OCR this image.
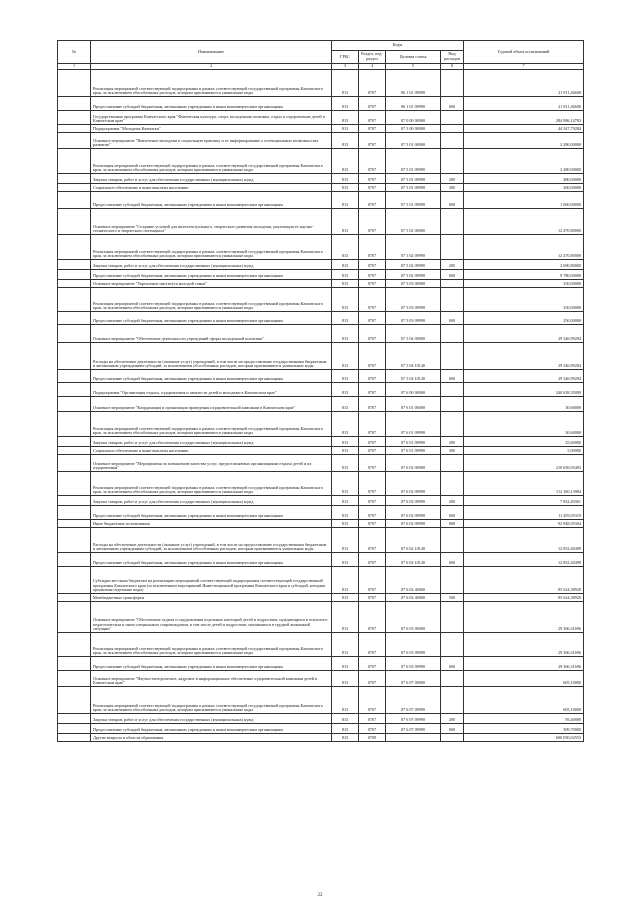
№	Наименование	Коды				Годовой объем ассигнований
		ГРБС	Раздел, под-раздел	Целевая статья	Вид расходов	
1	2	3	4	5	6	7
	Реализация мероприятий соответствующей подпрограммы в рамках соответствующей государственной программы Камчатского края, за исключением обособленных расходов, которым присваиваются уникальные коды	813	0707	06 1 01 09990		21 811,46600
	Предоставление субсидий бюджетным, автономным учреждениям и иным некоммерческим организациям	813	0707	06 1 01 09990	600	21 811,46600
	Государственная программа Камчатского края "Физическая культура, спорт, молодежная политика, отдых и оздоровление детей в Камчатском крае"	813	0707	07 0 00 00000		284 986,14783
	Подпрограмма "Молодежь Камчатки"	813	0707	07 5 00 00000		44 347,79284
	Основное мероприятие "Вовлечение молодежи в социальную практику и ее информирование о потенциальных возможностях развития"	813	0707	07 5 01 00000		2 280,00000
	Реализация мероприятий соответствующей подпрограммы в рамках соответствующей государственной программы Камчатского края, за исключением обособленных расходов, которым присваиваются уникальные коды	813	0707	07 5 01 09990		2 280,00000
	Закупка товаров, работ и услуг для обеспечения государственных (муниципальных) нужд	813	0707	07 5 01 09990	200	480,00000
	Социальное обеспечение и иные выплаты населению	813	0707	07 5 01 09990	300	200,00000
	Предоставление субсидий бюджетным, автономным учреждениям и иным некоммерческим организациям	813	0707	07 5 01 09990	600	1 600,00000
	Основное мероприятие "Создание условий для интеллектуального, творческого развития молодежи, реализации ее научно-технического и творческого потенциала"	813	0707	07 5 02 00000		12 470,80000
	Реализация мероприятий соответствующей подпрограммы в рамках соответствующей государственной программы Камчатского края, за исключением обособленных расходов, которым присваиваются уникальные коды	813	0707	07 5 02 09990		12 470,80000
	Закупка товаров, работ и услуг для обеспечения государственных (муниципальных) нужд	813	0707	07 5 02 09990	200	2 690,80000
	Предоставление субсидий бюджетным, автономным учреждениям и иным некоммерческим организациям	813	0707	07 5 02 09990	600	9 780,00000
	Основное мероприятие "Укрепление института молодой семьи"	813	0707	07 5 03 00000		250,00000
	Реализация мероприятий соответствующей подпрограммы в рамках соответствующей государственной программы Камчатского края, за исключением обособленных расходов, которым присваиваются уникальные коды	813	0707	07 5 03 09990		250,00000
	Предоставление субсидий бюджетным, автономным учреждениям и иным некоммерческим организациям	813	0707	07 5 03 09990	600	250,00000
	Основное мероприятие "Обеспечение деятельности учреждений сферы молодежной политики"	813	0707	07 5 04 00000		29 346,99284
	Расходы на обеспечение деятельности (оказание услуг) учреждений, в том числе на предоставление государственным бюджетным и автономным учреждениям субсидий, за исключением обособленных расходов, которым присваиваются уникальные коды	813	0707	07 5 04 10140		29 346,99284
	Предоставление субсидий бюджетным, автономным учреждениям и иным некоммерческим организациям	813	0707	07 5 04 10140	600	29 346,99284
	Подпрограмма "Организация отдыха, оздоровления и занятости детей и молодежи в Камчатском крае"	813	0707	07 6 00 00000		240 638,35099
	Основное мероприятие "Координация и организация проведения оздоровительной кампании в Камчатском крае"	813	0707	07 6 01 00000		30,60000
	Реализация мероприятий соответствующей подпрограммы в рамках соответствующей государственной программы Камчатского края, за исключением обособленных расходов, которым присваиваются уникальные коды	813	0707	07 6 01 09990		30,60000
	Закупка товаров, работ и услуг для обеспечения государственных (муниципальных) нужд	813	0707	07 6 01 09990	200	25,60000
	Социальное обеспечение и иные выплаты населению	813	0707	07 6 01 09990	300	5,00000
	Основное мероприятие "Мероприятия по повышению качества услуг, предоставляемых организациями отдыха детей и их оздоровления"	813	0707	07 6 02 00000		210 656,93403
	Реализация мероприятий соответствующей подпрограммы в рамках соответствующей государственной программы Камчатского края, за исключением обособленных расходов, которым присваиваются уникальные коды	813	0707	07 6 02 09990		112 160,13984
	Закупка товаров, работ и услуг для обеспечения государственных (муниципальных) нужд	813	0707	07 6 02 09990	200	7 852,49361
	Предоставление субсидий бюджетным, автономным учреждениям и иным некоммерческим организациям	813	0707	07 6 02 09990	600	11 459,05319
	Иные бюджетные ассигнования	813	0707	07 6 02 09990	800	92 848,59304
	Расходы на обеспечение деятельности (оказание услуг) учреждений, в том числе на предоставление государственным бюджетным и автономным учреждениям субсидий, за исключением обособленных расходов, которым присваиваются уникальные коды	813	0707	07 6 02 10140		12 852,40499
	Предоставление субсидий бюджетным, автономным учреждениям и иным некоммерческим организациям	813	0707	07 6 02 10140	600	12 852,40499
	Субсидии местным бюджетам на реализацию мероприятий соответствующей подпрограммы соответствующей государственной программы Камчатского края (за исключением мероприятий Инвестиционной программы Камчатского края и субсидий, которым присвоены отдельные коды)	813	0707	07 6 02 40060		85 624,38920
	Межбюджетные трансферты	813	0707	07 6 02 40060	500	85 624,38920
	Основное мероприятие "Обеспечение отдыха и оздоровления отдельных категорий детей и подростков, нуждающихся в психолого-педагогическом и ином специальном сопровождении, в том числе детей и подростков, оказавшихся в трудной жизненной ситуации"	813	0707	07 6 03 00000		29 366,31696
	Реализация мероприятий соответствующей подпрограммы в рамках соответствующей государственной программы Камчатского края, за исключением обособленных расходов, которым присваиваются уникальные коды	813	0707	07 6 03 09990		29 366,31696
	Предоставление субсидий бюджетным, автономным учреждениям и иным некоммерческим организациям	813	0707	07 6 03 09990	600	29 366,31696
	Основное мероприятие "Научно-методическое, кадровое и информационное обеспечение оздоровительной кампании детей в Камчатском крае"	813	0707	07 6 07 00000		605,10000
	Реализация мероприятий соответствующей подпрограммы в рамках соответствующей государственной программы Камчатского края, за исключением обособленных расходов, которым присваиваются уникальные коды	813	0707	07 6 07 09990		605,10000
	Закупка товаров, работ и услуг для обеспечения государственных (муниципальных) нужд	813	0707	07 6 07 09990	200	95,40000
	Предоставление субсидий бюджетным, автономным учреждениям и иным некоммерческим организациям	813	0707	07 6 07 09990	600	509,70000
	Другие вопросы в области образования	813	0709			600 050,02553
22
